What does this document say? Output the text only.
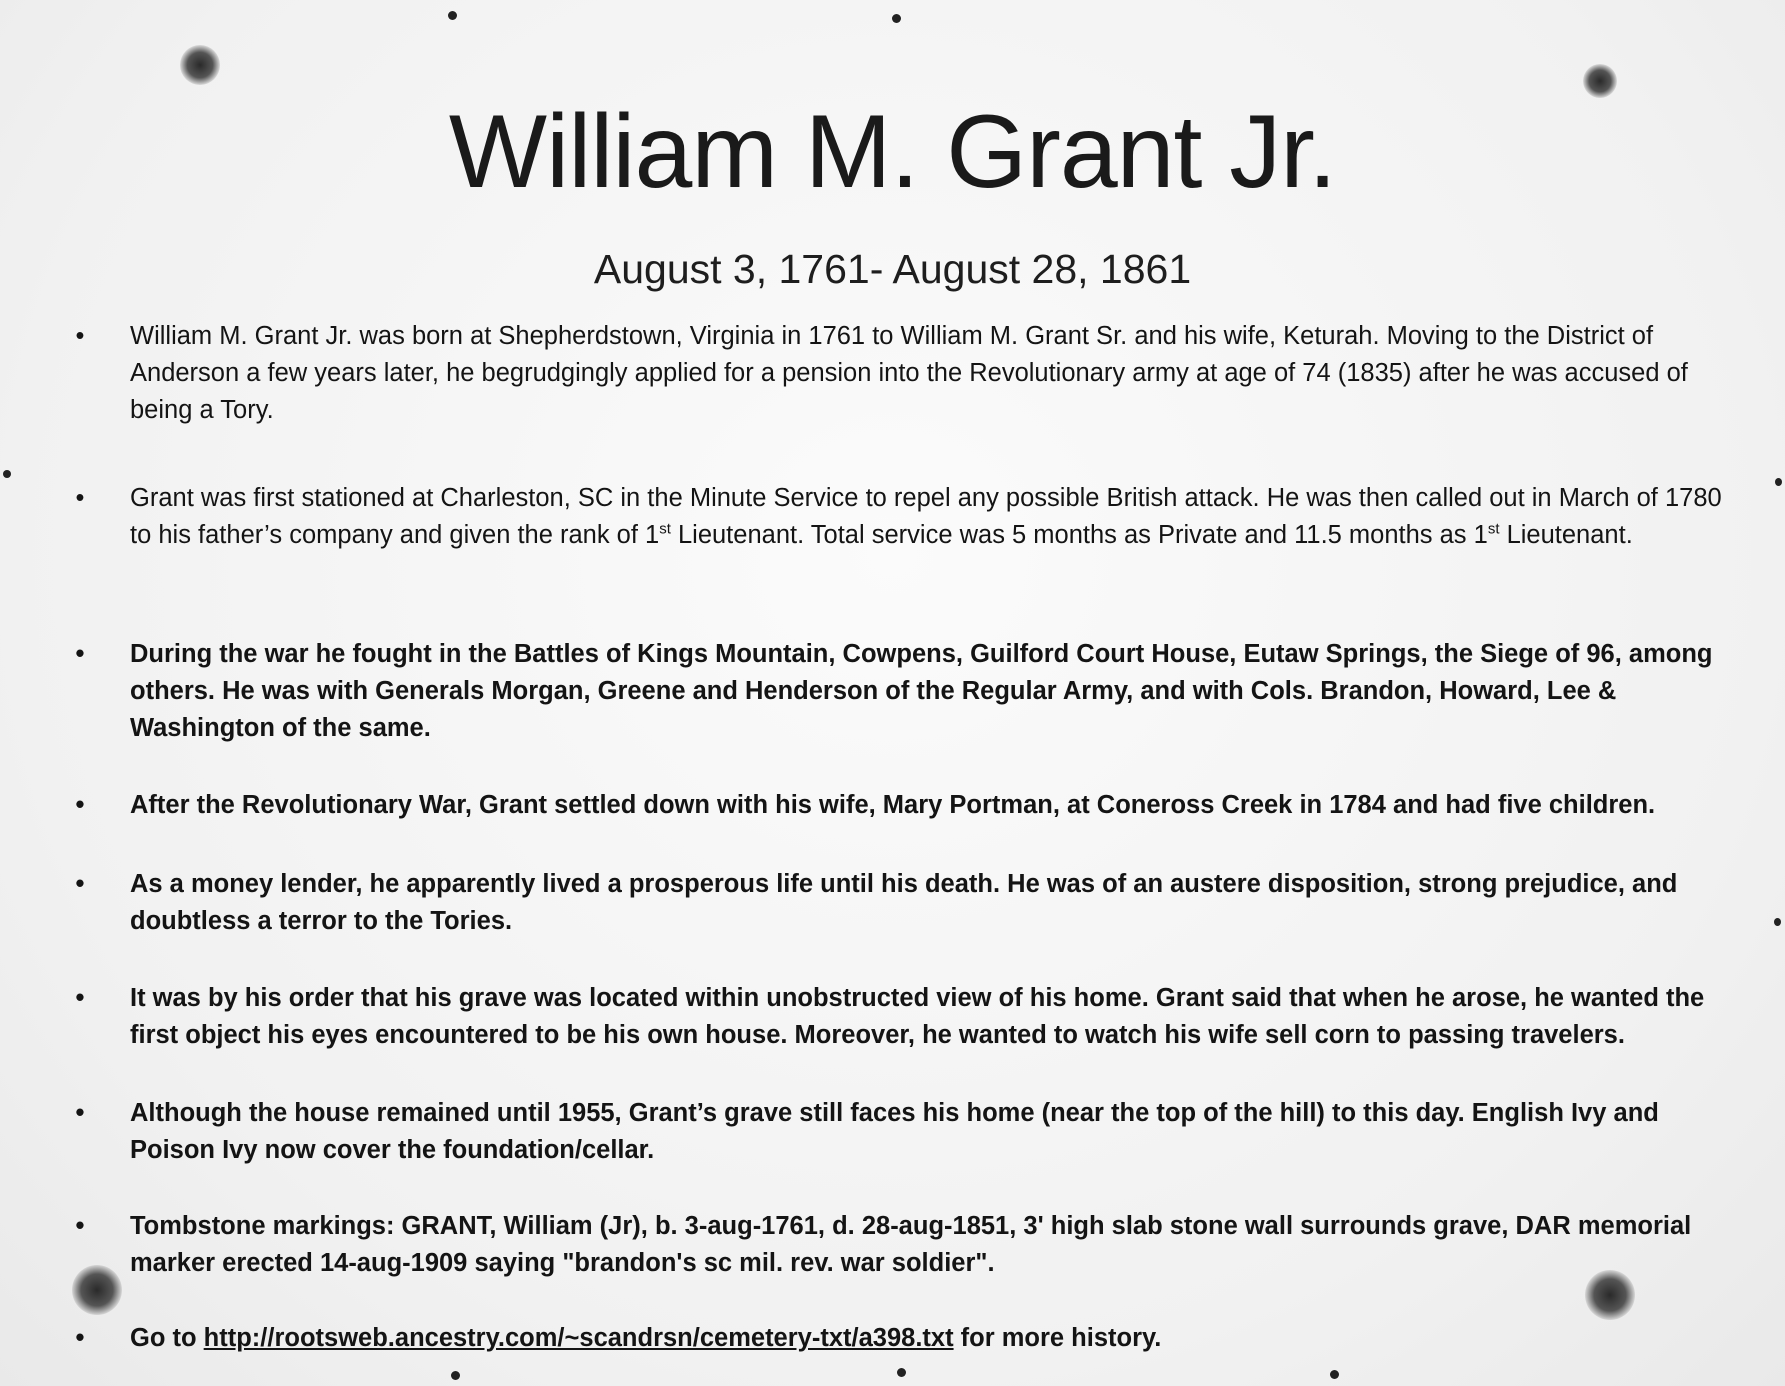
William M. Grant Jr.
August 3, 1761- August 28, 1861
• William M. Grant Jr. was born at Shepherdstown, Virginia in 1761 to William M. Grant Sr. and his wife, Keturah. Moving to the District of Anderson a few years later, he begrudgingly applied for a pension into the Revolutionary army at age of 74 (1835) after he was accused of being a Tory.
• Grant was first stationed at Charleston, SC in the Minute Service to repel any possible British attack. He was then called out in March of 1780 to his father’s company and given the rank of 1st Lieutenant. Total service was 5 months as Private and 11.5 months as 1st Lieutenant.
• During the war he fought in the Battles of Kings Mountain, Cowpens, Guilford Court House, Eutaw Springs, the Siege of 96, among others. He was with Generals Morgan, Greene and Henderson of the Regular Army, and with Cols. Brandon, Howard, Lee & Washington of the same.
• After the Revolutionary War, Grant settled down with his wife, Mary Portman, at Coneross Creek in 1784 and had five children.
• As a money lender, he apparently lived a prosperous life until his death. He was of an austere disposition, strong prejudice, and doubtless a terror to the Tories.
• It was by his order that his grave was located within unobstructed view of his home. Grant said that when he arose, he wanted the first object his eyes encountered to be his own house. Moreover, he wanted to watch his wife sell corn to passing travelers.
• Although the house remained until 1955, Grant’s grave still faces his home (near the top of the hill) to this day. English Ivy and Poison Ivy now cover the foundation/cellar.
• Tombstone markings: GRANT, William (Jr), b. 3-aug-1761, d. 28-aug-1851, 3' high slab stone wall surrounds grave, DAR memorial marker erected 14-aug-1909 saying "brandon's sc mil. rev. war soldier".
• Go to http://rootsweb.ancestry.com/~scandrsn/cemetery-txt/a398.txt for more history.
